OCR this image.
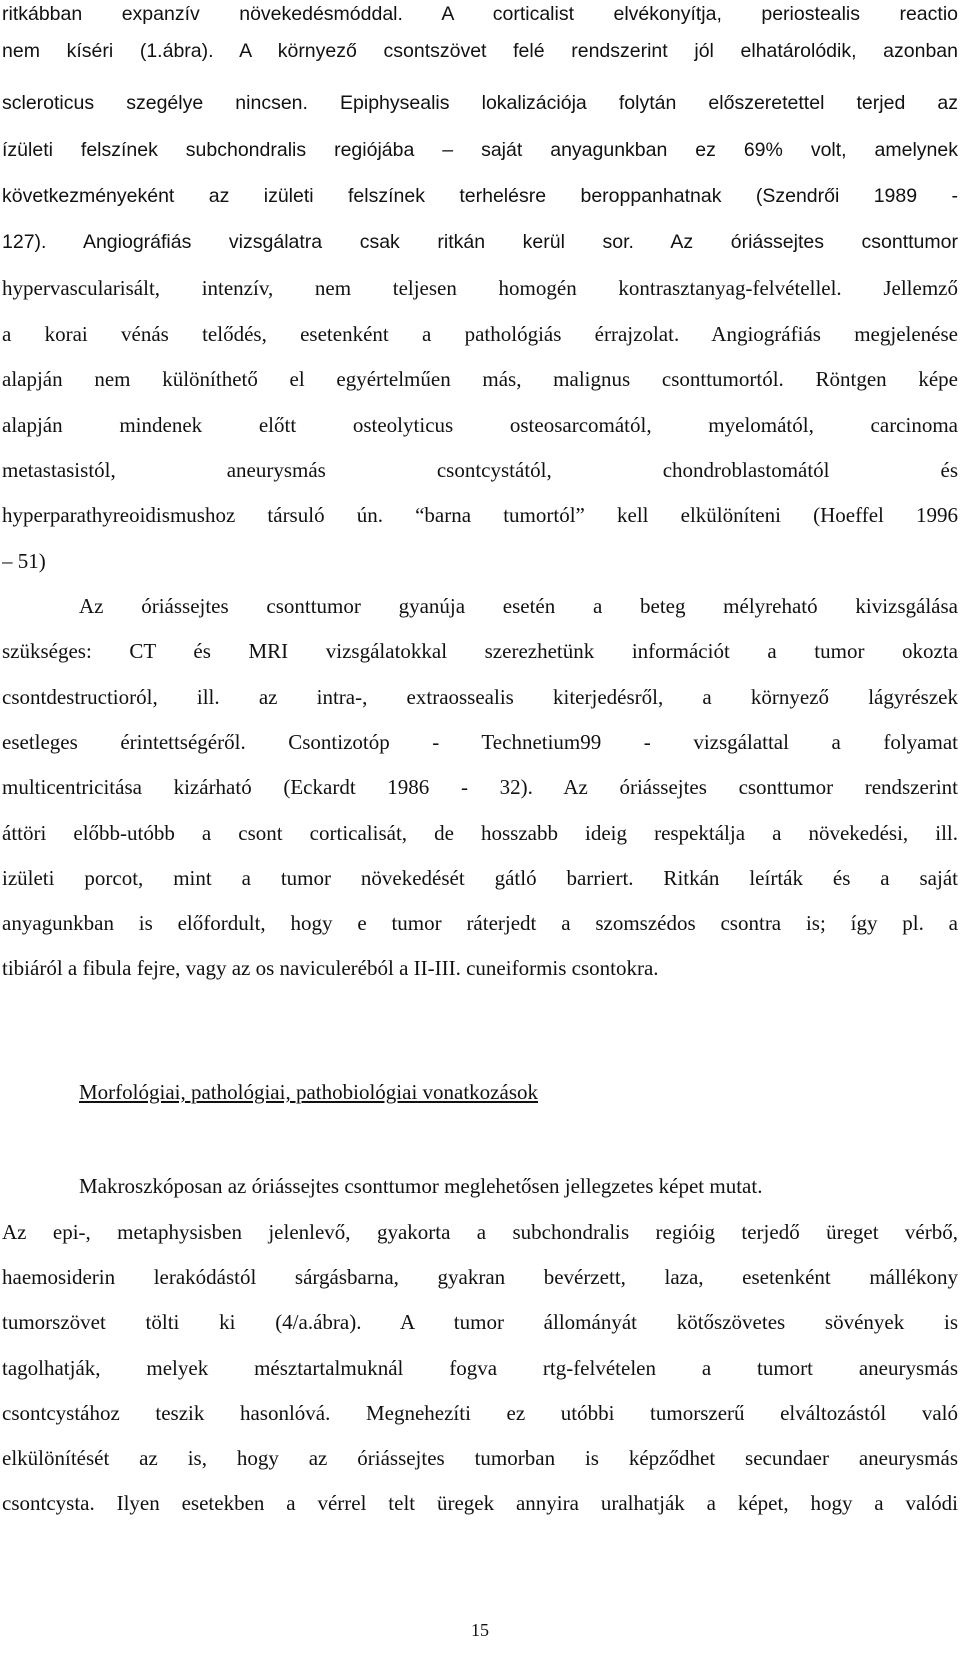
ritkábban expanzív növekedésmóddal. A corticalist elvékonyítja, periostealis reactio
nem kíséri (1.ábra). A környező csontszövet felé rendszerint jól elhatárolódik, azonban
scleroticus szegélye nincsen. Epiphysealis lokalizációja folytán előszeretettel terjed az
ízületi felszínek subchondralis regiójába – saját anyagunkban ez 69% volt, amelynek
következményeként az izületi felszínek terhelésre beroppanhatnak (Szendrői 1989 -
127). Angiográfiás vizsgálatra csak ritkán kerül sor. Az óriássejtes csonttumor
hypervascularisált, intenzív, nem teljesen homogén kontrasztanyag-felvétellel. Jellemző
a korai vénás telődés, esetenként a pathológiás érrajzolat. Angiográfiás megjelenése
alapján nem különíthető el egyértelműen más, malignus csonttumortól. Röntgen képe
alapján mindenek előtt osteolyticus osteosarcomától, myelomától, carcinoma
metastasistól, aneurysmás csontcystától, chondroblastomától és
hyperparathyreoidismushoz társuló ún. “barna tumortól” kell elkülöníteni (Hoeffel 1996
– 51)
Az óriássejtes csonttumor gyanúja esetén a beteg mélyreható kivizsgálása
szükséges: CT és MRI vizsgálatokkal szerezhetünk információt a tumor okozta
csontdestructioról, ill. az intra-, extraossealis kiterjedésről, a környező lágyrészek
esetleges érintettségéről. Csontizotóp - Technetium99 - vizsgálattal a folyamat
multicentricitása kizárható (Eckardt 1986 - 32). Az óriássejtes csonttumor rendszerint
áttöri előbb-utóbb a csont corticalisát, de hosszabb ideig respektálja a növekedési, ill.
izületi porcot, mint a tumor növekedését gátló barriert. Ritkán leírták és a saját
anyagunkban is előfordult, hogy e tumor ráterjedt a szomszédos csontra is; így pl. a
tibiáról a fibula fejre, vagy az os naviculeréból a II-III. cuneiformis csontokra.
Morfológiai, pathológiai, pathobiológiai vonatkozások
Makroszkóposan az óriássejtes csonttumor meglehetősen jellegzetes képet mutat.
Az epi-, metaphysisben jelenlevő, gyakorta a subchondralis regióig terjedő üreget vérbő,
haemosiderin lerakódástól sárgásbarna, gyakran bevérzett, laza, esetenként mállékony
tumorszövet tölti ki (4/a.ábra). A tumor állományát kötőszövetes sövények is
tagolhatják, melyek mésztartalmuknál fogva rtg-felvételen a tumort aneurysmás
csontcystához teszik hasonlóvá. Megnehezíti ez utóbbi tumorszerű elváltozástól való
elkülönítését az is, hogy az óriássejtes tumorban is képződhet secundaer aneurysmás
csontcysta. Ilyen esetekben a vérrel telt üregek annyira uralhatják a képet, hogy a valódi
15
